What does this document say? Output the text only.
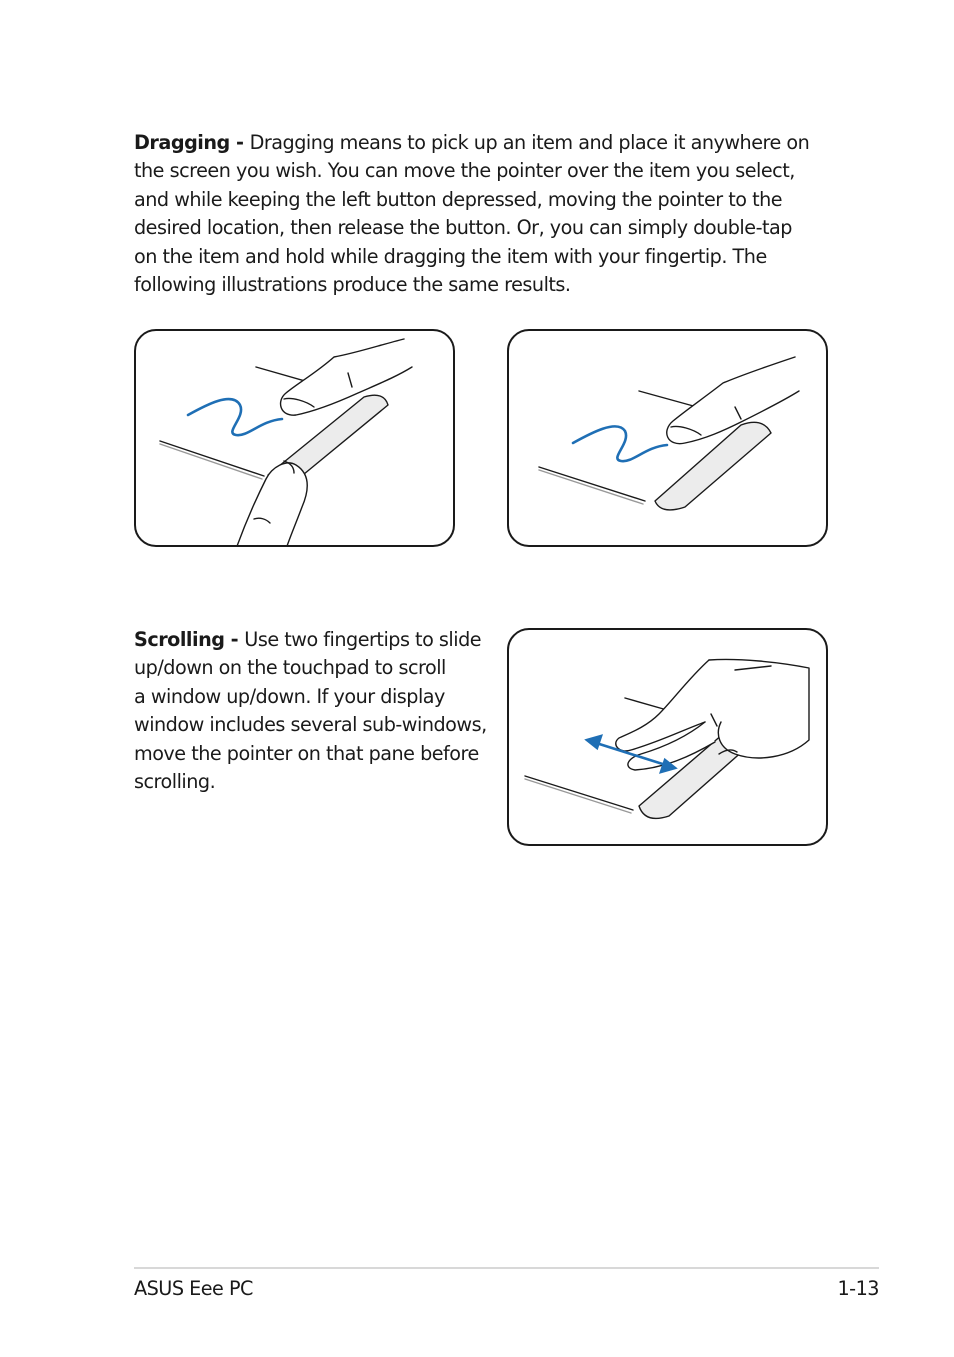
Dragging - Dragging means to pick up an item and place it anywhere on
the screen you wish. You can move the pointer over the item you select,
and while keeping the left button depressed, moving the pointer to the
desired location, then release the button. Or, you can simply double-tap
on the item and hold while dragging the item with your fingertip. The
following illustrations produce the same results.

Scrolling - Use two fingertips to slide
up/down on the touchpad to scroll
a window up/down. If your display
window includes several sub-windows,
move the pointer on that pane before
scrolling.

ASUS Eee PC	1-13
